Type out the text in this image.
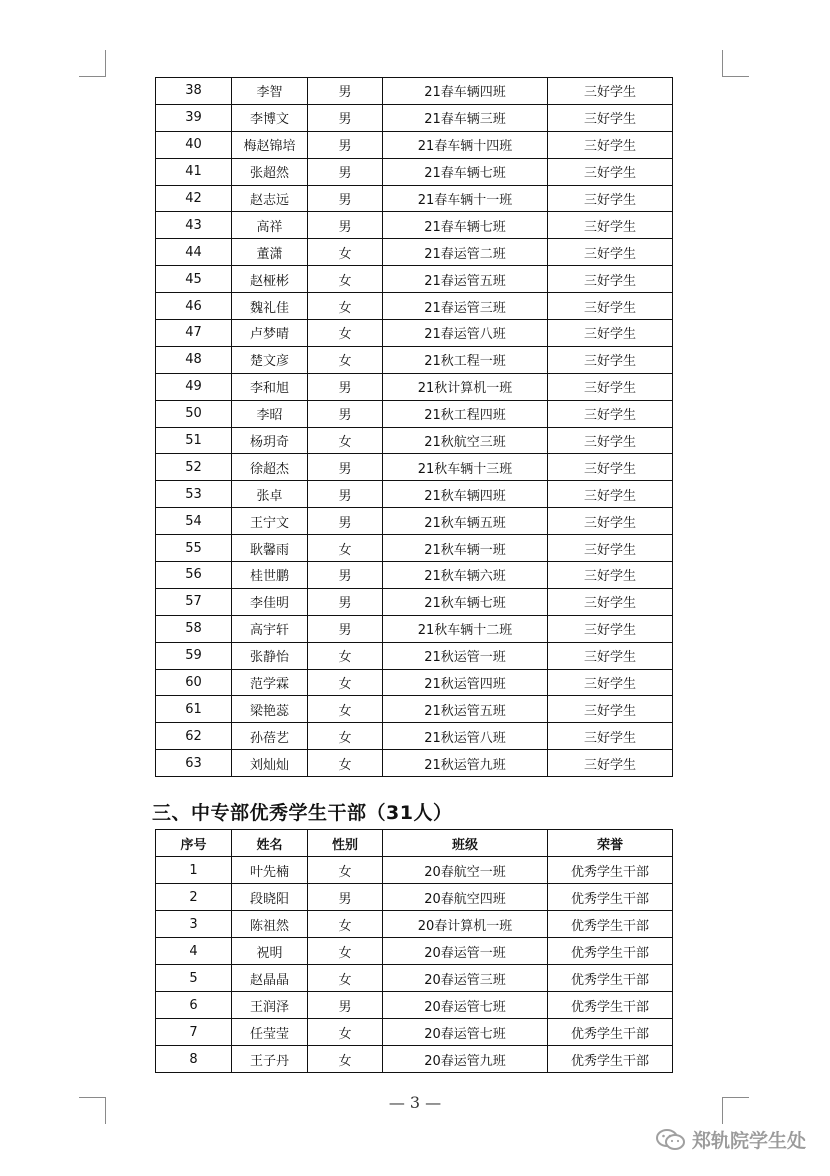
38	李智	男	21春车辆四班	三好学生
39	李博文	男	21春车辆三班	三好学生
40	梅赵锦培	男	21春车辆十四班	三好学生
41	张超然	男	21春车辆七班	三好学生
42	赵志远	男	21春车辆十一班	三好学生
43	高祥	男	21春车辆七班	三好学生
44	董潇	女	21春运管二班	三好学生
45	赵桠彬	女	21春运管五班	三好学生
46	魏礼佳	女	21春运管三班	三好学生
47	卢梦晴	女	21春运管八班	三好学生
48	楚文彦	女	21秋工程一班	三好学生
49	李和旭	男	21秋计算机一班	三好学生
50	李昭	男	21秋工程四班	三好学生
51	杨玥奇	女	21秋航空三班	三好学生
52	徐超杰	男	21秋车辆十三班	三好学生
53	张卓	男	21秋车辆四班	三好学生
54	王宁文	男	21秋车辆五班	三好学生
55	耿馨雨	女	21秋车辆一班	三好学生
56	桂世鹏	男	21秋车辆六班	三好学生
57	李佳明	男	21秋车辆七班	三好学生
58	高宇轩	男	21秋车辆十二班	三好学生
59	张静怡	女	21秋运管一班	三好学生
60	范学霖	女	21秋运管四班	三好学生
61	梁艳蕊	女	21秋运管五班	三好学生
62	孙蓓艺	女	21秋运管八班	三好学生
63	刘灿灿	女	21秋运管九班	三好学生
三、中专部优秀学生干部（31人）
序号	姓名	性别	班级	荣誉
1	叶先楠	女	20春航空一班	优秀学生干部
2	段晓阳	男	20春航空四班	优秀学生干部
3	陈祖然	女	20春计算机一班	优秀学生干部
4	祝明	女	20春运管一班	优秀学生干部
5	赵晶晶	女	20春运管三班	优秀学生干部
6	王润泽	男	20春运管七班	优秀学生干部
7	任莹莹	女	20春运管七班	优秀学生干部
8	王子丹	女	20春运管九班	优秀学生干部
— 3 —
郑轨院学生处
